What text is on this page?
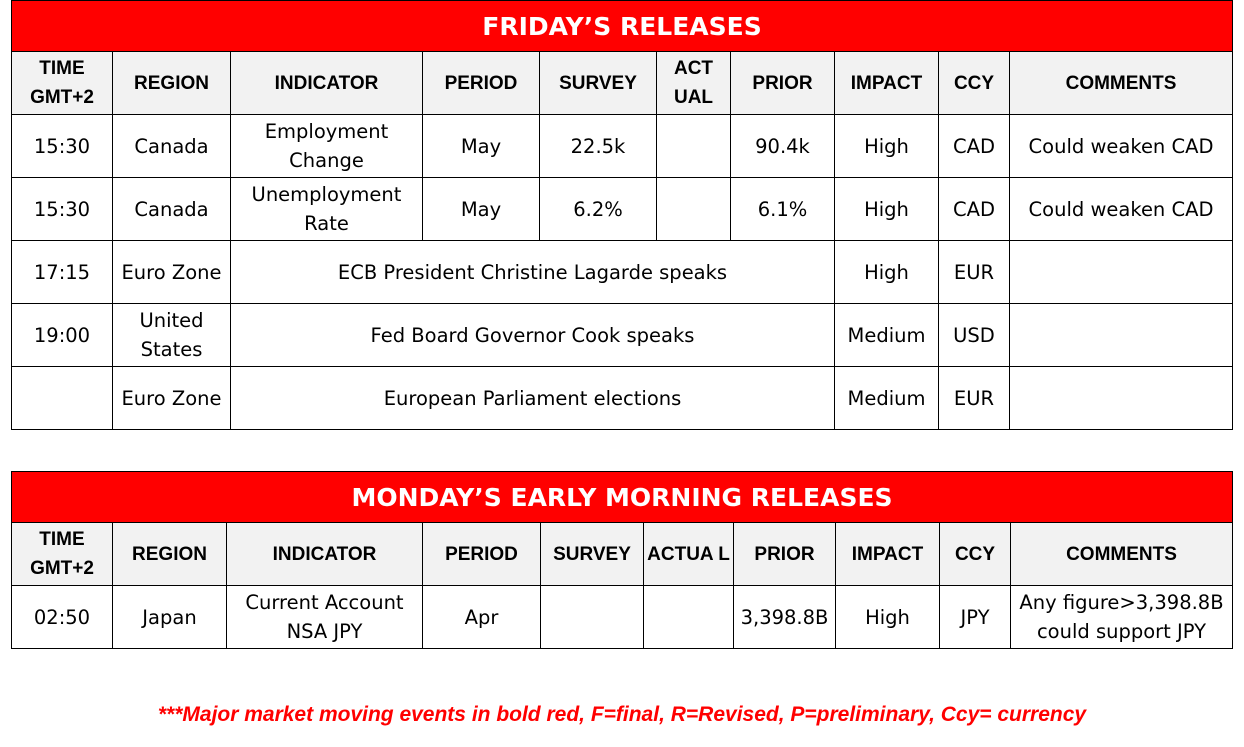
FRIDAY’S RELEASES									
TIME GMT+2	REGION	INDICATOR	PERIOD	SURVEY	ACT UAL	PRIOR	IMPACT	CCY	COMMENTS
15:30	Canada	Employment Change	May	22.5k		90.4k	High	CAD	Could weaken CAD
15:30	Canada	Unemployment Rate	May	6.2%		6.1%	High	CAD	Could weaken CAD
17:15	Euro Zone	ECB President Christine Lagarde speaks					High	EUR	
19:00	United States	Fed Board Governor Cook speaks					Medium	USD	
	Euro Zone	European Parliament elections					Medium	EUR	
MONDAY’S EARLY MORNING RELEASES									
TIME GMT+2	REGION	INDICATOR	PERIOD	SURVEY	ACTUA L	PRIOR	IMPACT	CCY	COMMENTS
02:50	Japan	Current Account NSA JPY	Apr			3,398.8B	High	JPY	Any figure>3,398.8B could support JPY
***Major market moving events in bold red, F=final, R=Revised, P=preliminary, Ccy= currency
